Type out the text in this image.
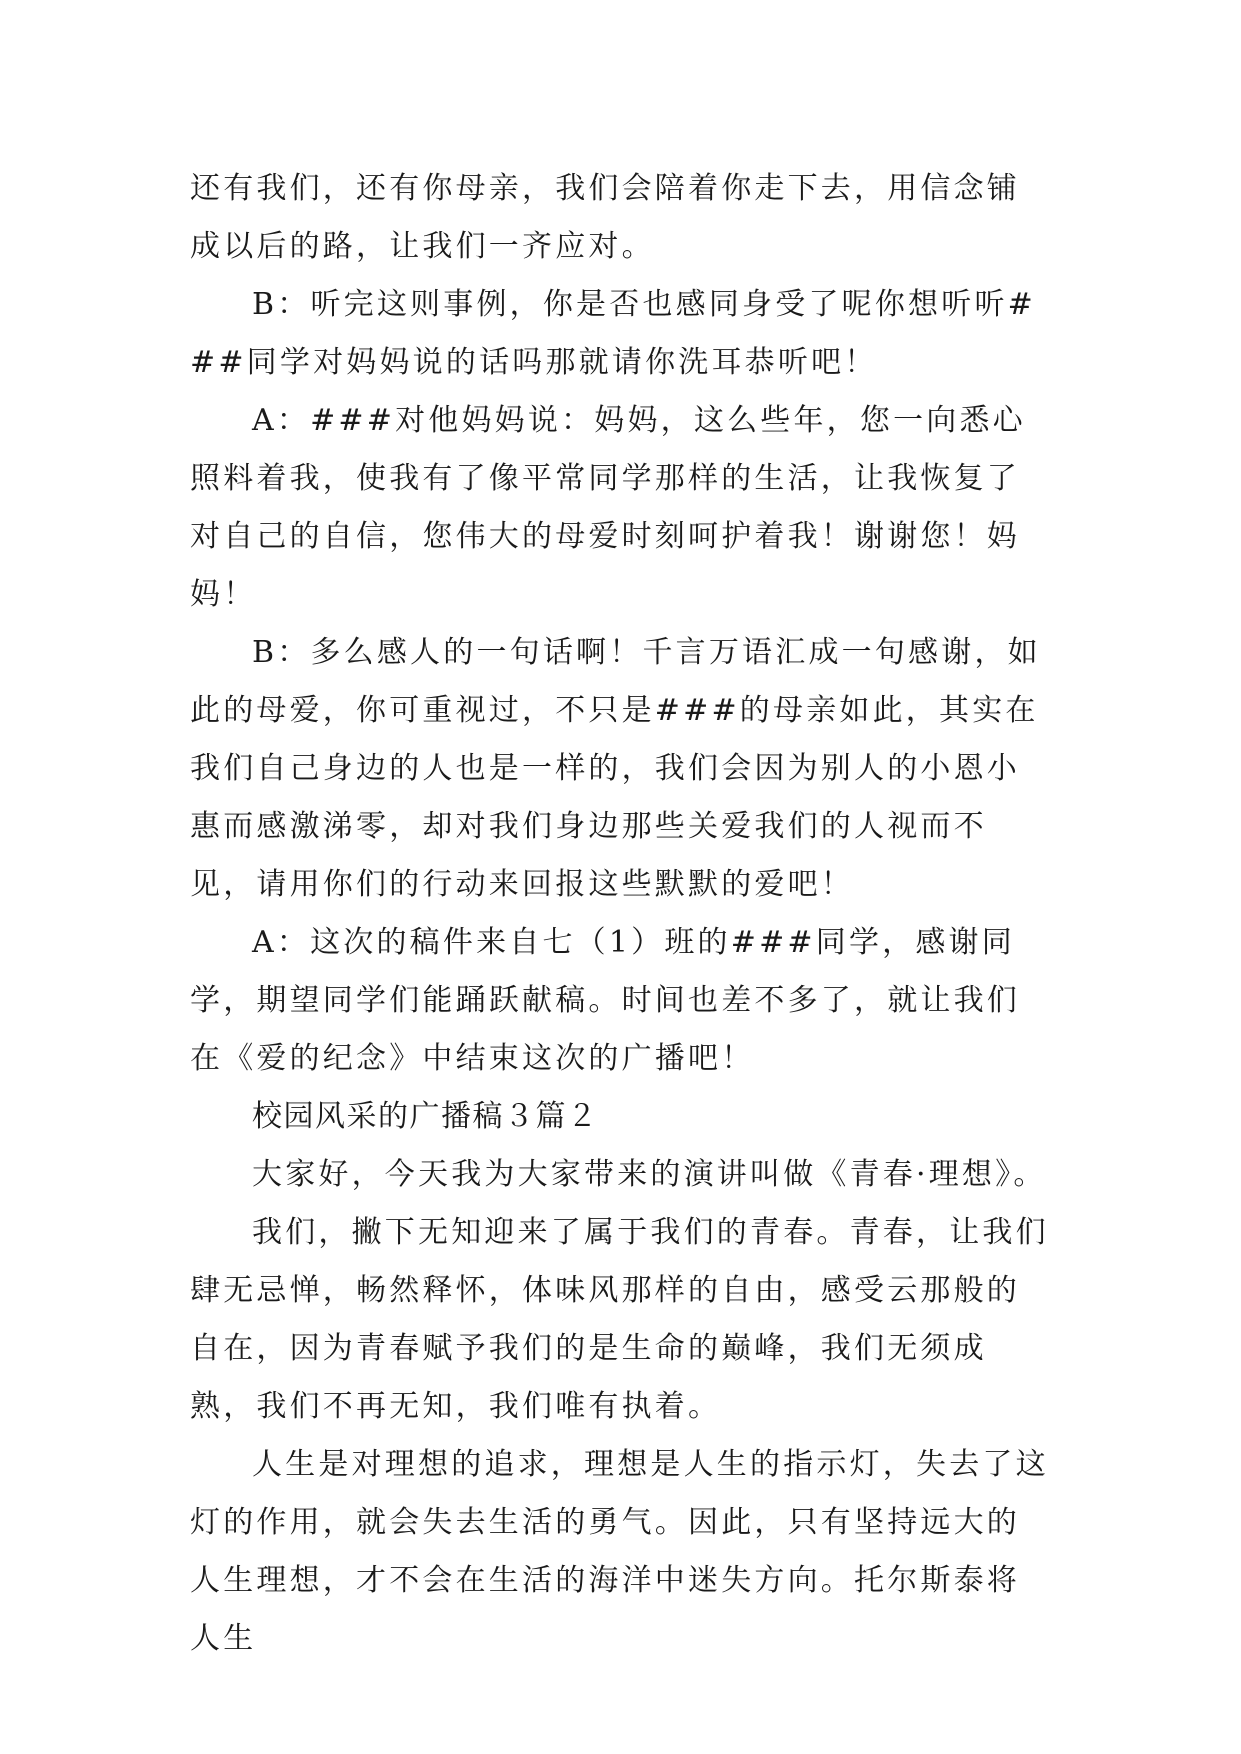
还有我们，还有你母亲，我们会陪着你走下去，用信念铺成以后的路，让我们一齐应对。

B：听完这则事例，你是否也感同身受了呢你想听听###同学对妈妈说的话吗那就请你洗耳恭听吧！

A：###对他妈妈说：妈妈，这么些年，您一向悉心照料着我，使我有了像平常同学那样的生活，让我恢复了对自己的自信，您伟大的母爱时刻呵护着我！谢谢您！妈妈！

B：多么感人的一句话啊！千言万语汇成一句感谢，如此的母爱，你可重视过，不只是###的母亲如此，其实在我们自己身边的人也是一样的，我们会因为别人的小恩小惠而感激涕零，却对我们身边那些关爱我们的人视而不见，请用你们的行动来回报这些默默的爱吧！

A：这次的稿件来自七（1）班的###同学，感谢同学，期望同学们能踊跃献稿。时间也差不多了，就让我们在《爱的纪念》中结束这次的广播吧！

校园风采的广播稿３篇２

大家好，今天我为大家带来的演讲叫做《青春·理想》。

我们，撇下无知迎来了属于我们的青春。青春，让我们肆无忌惮，畅然释怀，体味风那样的自由，感受云那般的自在，因为青春赋予我们的是生命的巅峰，我们无须成熟，我们不再无知，我们唯有执着。

人生是对理想的追求，理想是人生的指示灯，失去了这灯的作用，就会失去生活的勇气。因此，只有坚持远大的人生理想，才不会在生活的海洋中迷失方向。托尔斯泰将人生
